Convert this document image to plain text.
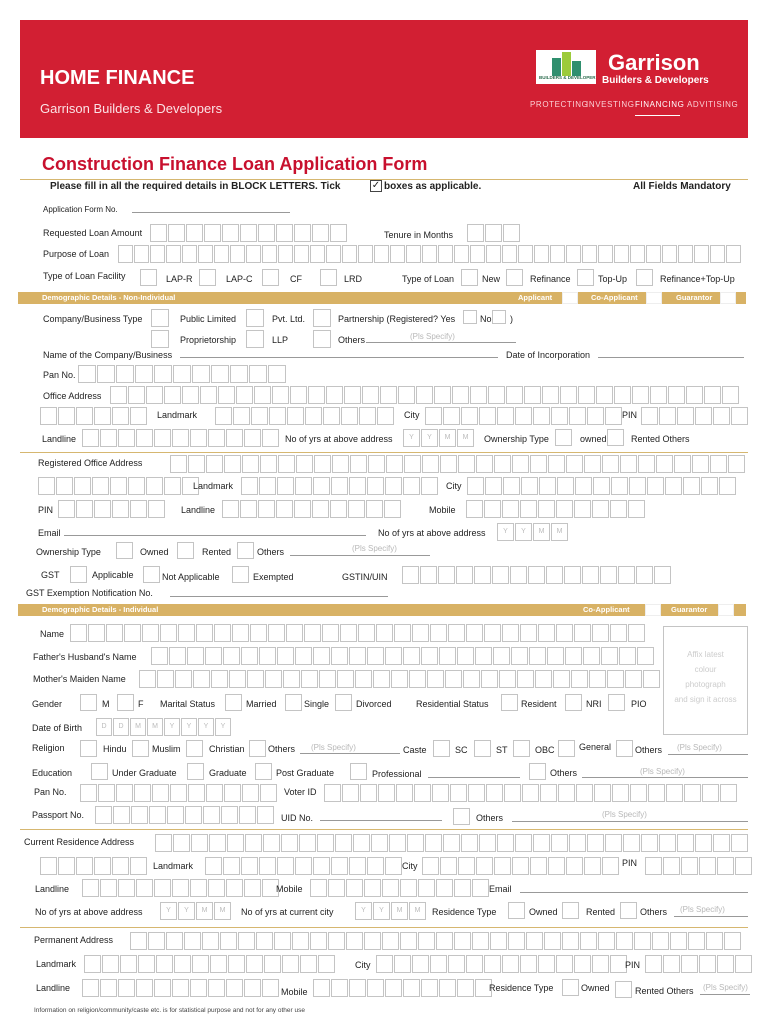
HOME FINANCE
Garrison Builders & Developers
BUILDERS & DEVELOPER
Garrison
Builders & Developers
PROTECTING
INVESTING FINANCING ADVITISING
Construction Finance Loan Application Form
Please fill in all the required details in BLOCK LETTERS. Tick	✓ boxes as applicable.	All Fields Mandatory
Application Form No.
Requested Loan Amount	Tenure in Months
Purpose of Loan
Type of Loan Facility	LAP-R	LAP-C	CF	LRD	Type of Loan	New	Refinance	Top-Up	Refinance+Top-Up
Demographic Details - Non-Individual	Applicant	Co-Applicant	Guarantor
Company/Business Type	Public Limited	Pvt. Ltd.	Partnership (Registered? Yes	No )
Proprietorship	LLP	Others	(Pls Specify)
Name of the Company/Business	Date of Incorporation
Pan No.
Office Address
Landmark	City	PIN
Landline	No of yrs at above address	Y	Y	M	M	Ownership Type	owned	Rented Others
Registered Office Address
Landmark	City
PIN	Landline	Mobile
Email	No of yrs at above address	Y	Y	M	M
Ownership Type	Owned	Rented	Others	(Pls Specify)
GST	Applicable	Not Applicable	Exempted	GSTIN/UIN
GST Exemption Notification No.
Demographic Details - Individual	Co-Applicant	Guarantor
Name
Father's Husband's Name
Mother's Maiden Name
Affix latest
colour
photograph
and sign it across
Gender	M	F Marital Status	Married	Single	Divorced	Residential Status	Resident	NRI	PIO
Date of Birth	D	D	M	M	Y	Y	Y	Y
Religion	Hindu	Muslim	Christian	Others (Pls Specify)	Caste	SC	ST	OBC	General	Others (Pls Specify)
Education	Under Graduate	Graduate	Post Graduate	Professional	Others	(Pls Specify)
Pan No.	Voter ID
Passport No.	UID No.	Others	(Pls Specify)
Current Residence Address
Landmark	City	PIN
Landline	Mobile	Email
No of yrs at above address	Y	Y	M	M	No of yrs at current city	Y	Y	M	M	Residence Type	Owned	Rented	Others (Pls Specify)
Permanent Address
Landmark	City	PIN
Landline	Mobile	Residence Type	Owned	Rented Others (Pls Specify)
Information on religion/community/caste etc. is for statistical purpose and not for any other use
